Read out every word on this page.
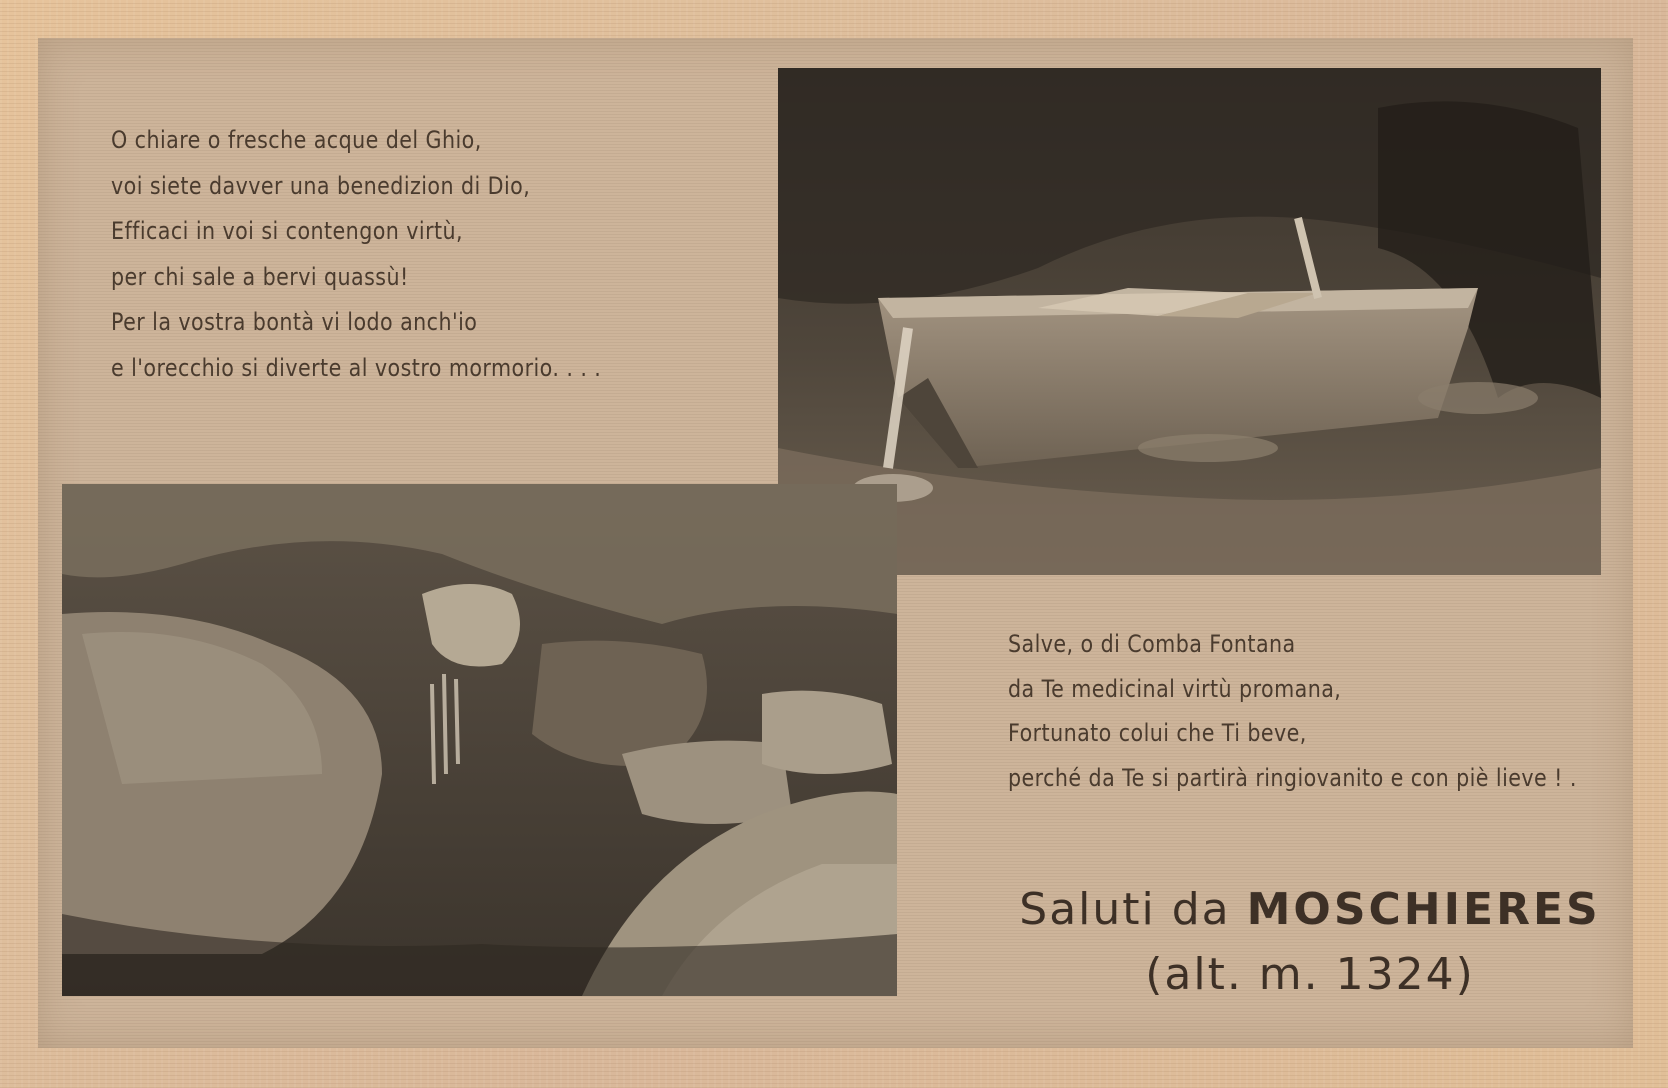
O chiare o fresche acque del Ghio,
voi siete davver una benedizion di Dio,
Efficaci in voi si contengon virtù,
per chi sale a bervi quassù!
Per la vostra bontà vi lodo anch'io
e l'orecchio si diverte al vostro mormorio. . . .
Salve, o di Comba Fontana
da Te medicinal virtù promana,
Fortunato colui che Ti beve,
perché da Te si partirà ringiovanito e con piè lieve ! .
Saluti da MOSCHIERES
(alt. m. 1324)
